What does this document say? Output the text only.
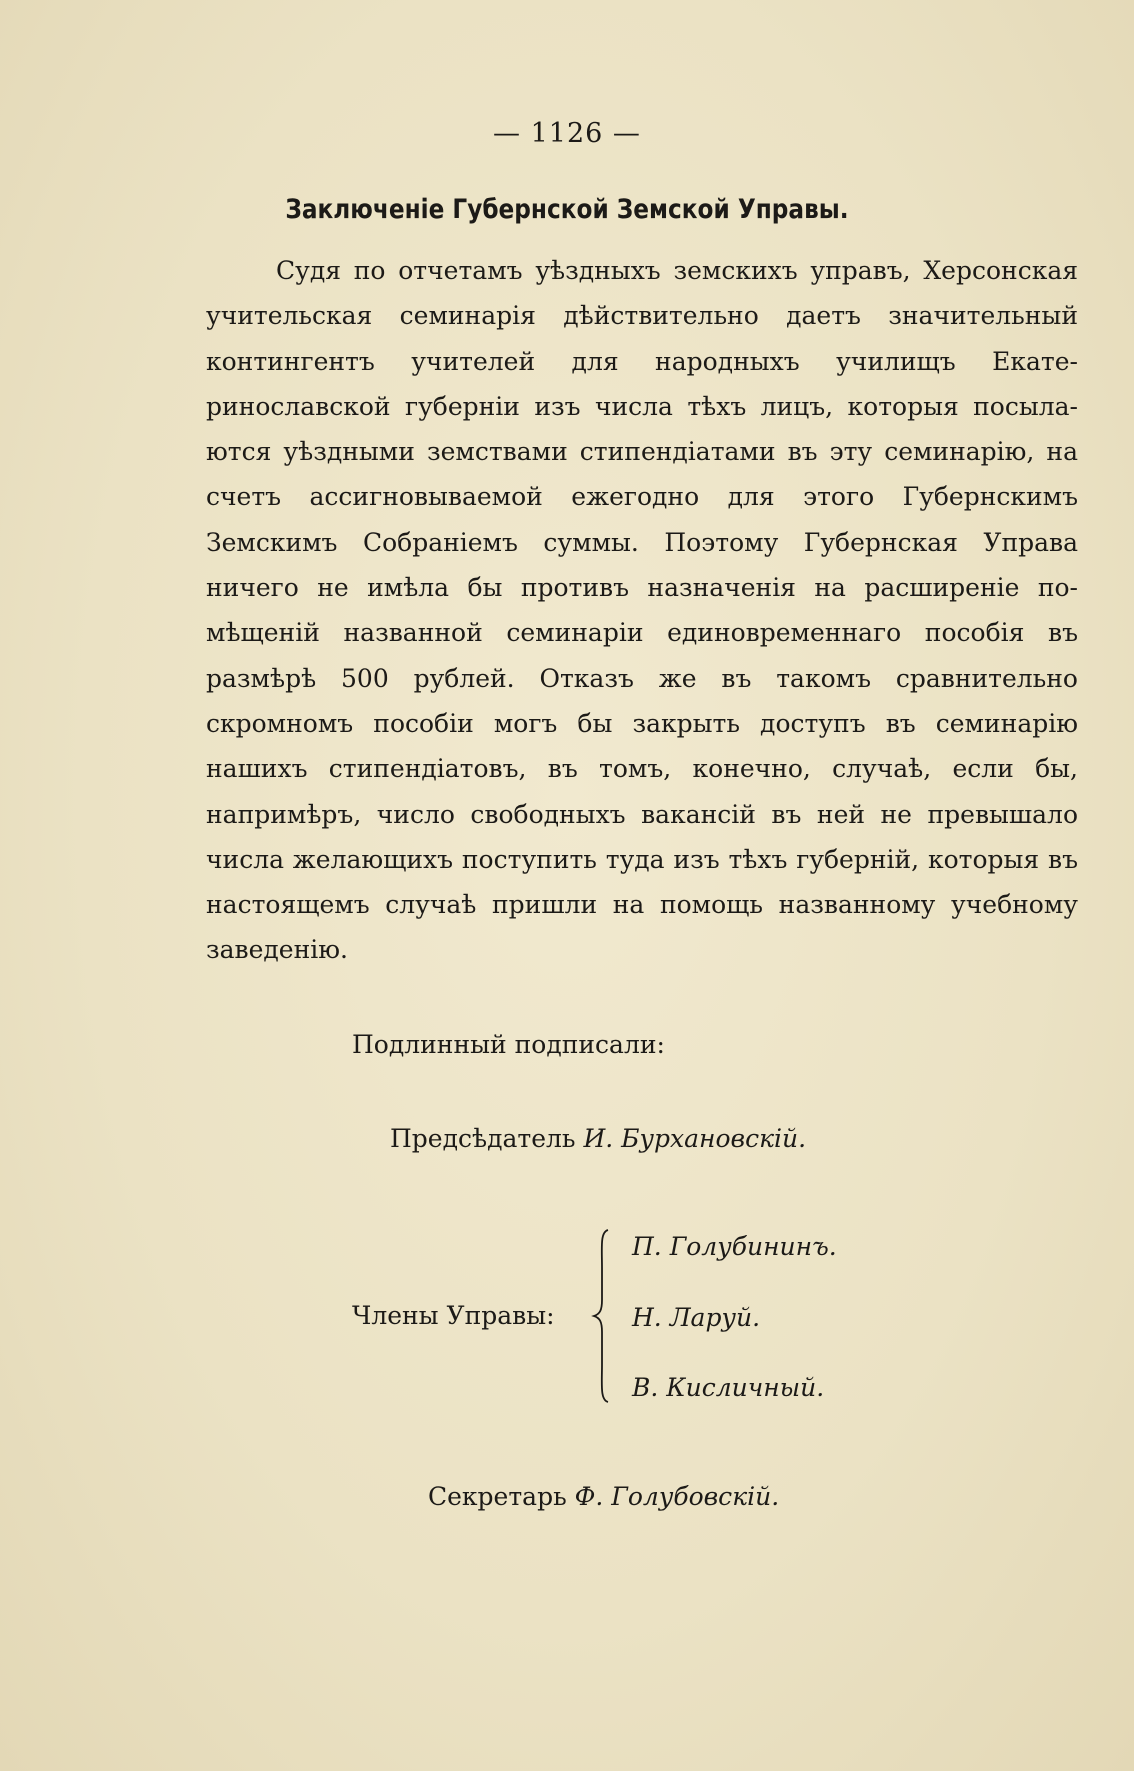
— 1126 —
Заключеніе Губернской Земской Управы.

Судя по отчетамъ уѣздныхъ земскихъ управъ, Херсонская учительская семинарія дѣйствительно даетъ значительный контингентъ учителей для народныхъ училищъ Екатеринославской губерніи изъ числа тѣхъ лицъ, которыя посылаются уѣздными земствами стипендіатами въ эту семинарію, на счетъ ассигновываемой ежегодно для этого Губернскимъ Земскимъ Собраніемъ суммы. Поэтому Губернская Управа ничего не имѣла бы противъ назначенія на расширеніе помѣщеній названной семинаріи единовременнаго пособія въ размѣрѣ 500 рублей. Отказъ же въ такомъ сравнительно скромномъ пособіи могъ бы закрыть доступъ въ семинарію нашихъ стипендіатовъ, въ томъ, конечно, случаѣ, если бы, напримѣръ, число свободныхъ вакансій въ ней не превышало числа желающихъ поступить туда изъ тѣхъ губерній, которыя въ настоящемъ случаѣ пришли на помощь названному учебному заведенію.

Подлинный подписали:
Предсѣдатель И. Бурхановскій.
Члены Управы:
П. Голубининъ.
Н. Ларуй.
В. Кисличный.
Секретарь Ф. Голубовскій.
